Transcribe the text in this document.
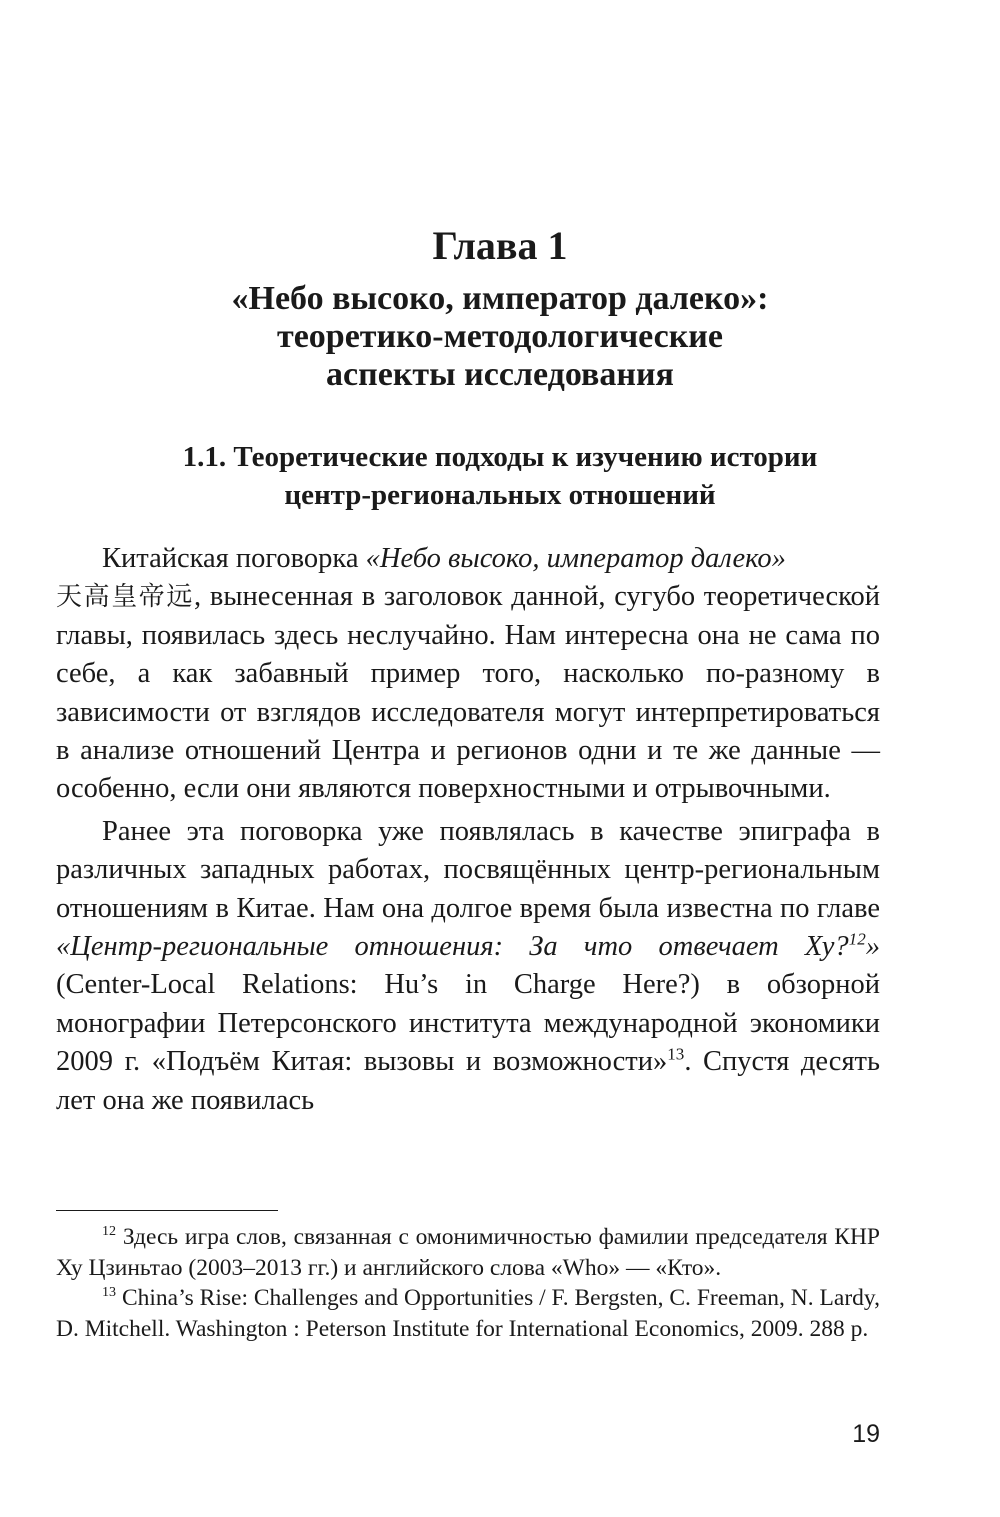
Глава 1
«Небо высоко, император далеко»:
теоретико-методологические
аспекты исследования
1.1. Теоретические подходы к изучению истории
центр-региональных отношений

Китайская поговорка «Небо высоко, император далеко»
天高皇帝远, вынесенная в заголовок данной, сугубо теоретической главы, появилась здесь неслучайно. Нам интересна она не сама по себе, а как забавный пример того, насколько по-разному в зависимости от взглядов исследователя могут интерпретироваться в анализе отношений Центра и регионов одни и те же данные — особенно, если они являются поверхностными и отрывочными.

Ранее эта поговорка уже появлялась в качестве эпиграфа в различных западных работах, посвящённых центр-региональным отношениям в Китае. Нам она долгое время была известна по главе «Центр-региональные отношения: За что отвечает Ху?$^{12}$» (Center-Local Relations: Hu’s in Charge Here?) в обзорной монографии Петерсонского института международной экономики 2009 г. «Подъём Китая: вызовы и возможности»$^{13}$. Спустя десять лет она же появилась

$^{12}$ Здесь игра слов, связанная с омонимичностью фамилии председателя КНР Ху Цзиньтао (2003–2013 гг.) и английского слова «Who» — «Кто».

$^{13}$ China’s Rise: Challenges and Opportunities / F. Bergsten, C. Freeman, N. Lardy, D. Mitchell. Washington : Peterson Institute for International Economics, 2009. 288 p.

19
